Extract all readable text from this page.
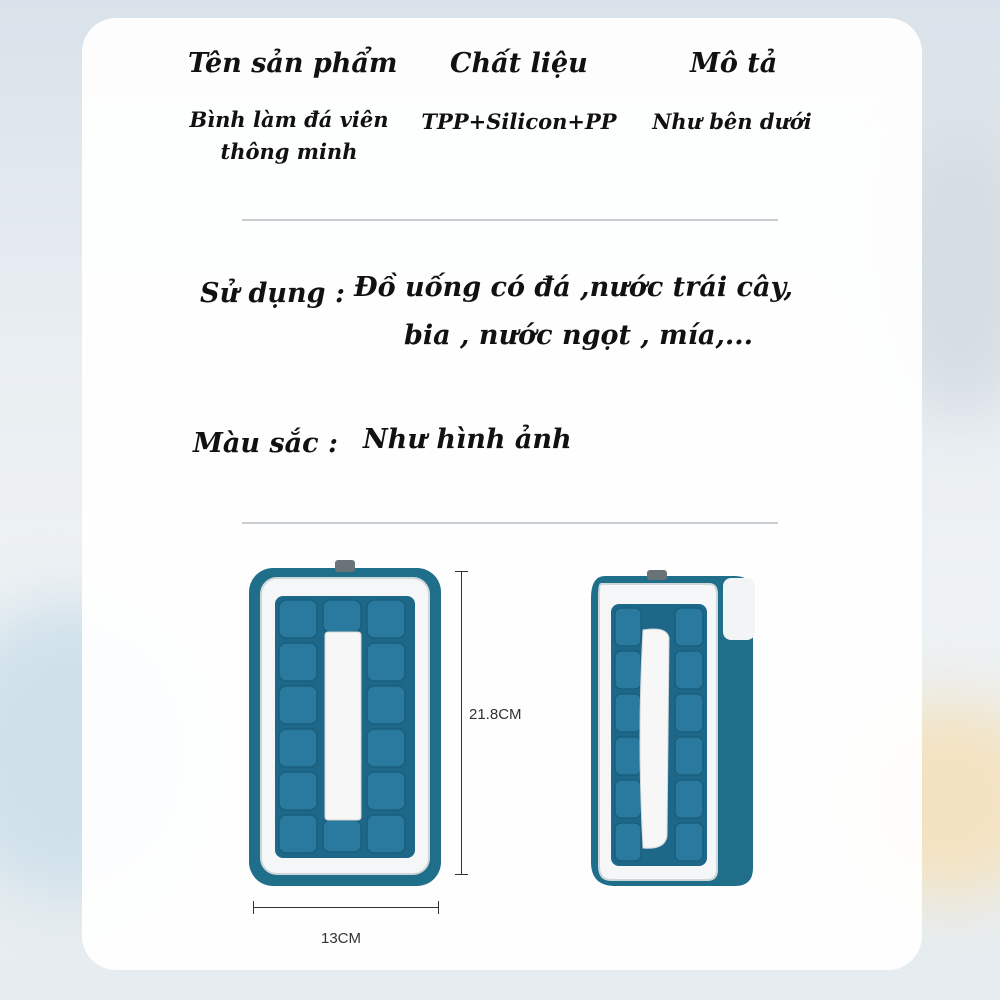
Tên sản phẩm Chất liệu	Mô tả
Bình làm đá viên thông minh
TPP+Silicon+PP	Như bên dưới
Sử dụng : Đồ uống có đá ,nước trái cây,
bia , nước ngọt , mía,...
Màu sắc : Như hình ảnh
21.8CM
13CM
